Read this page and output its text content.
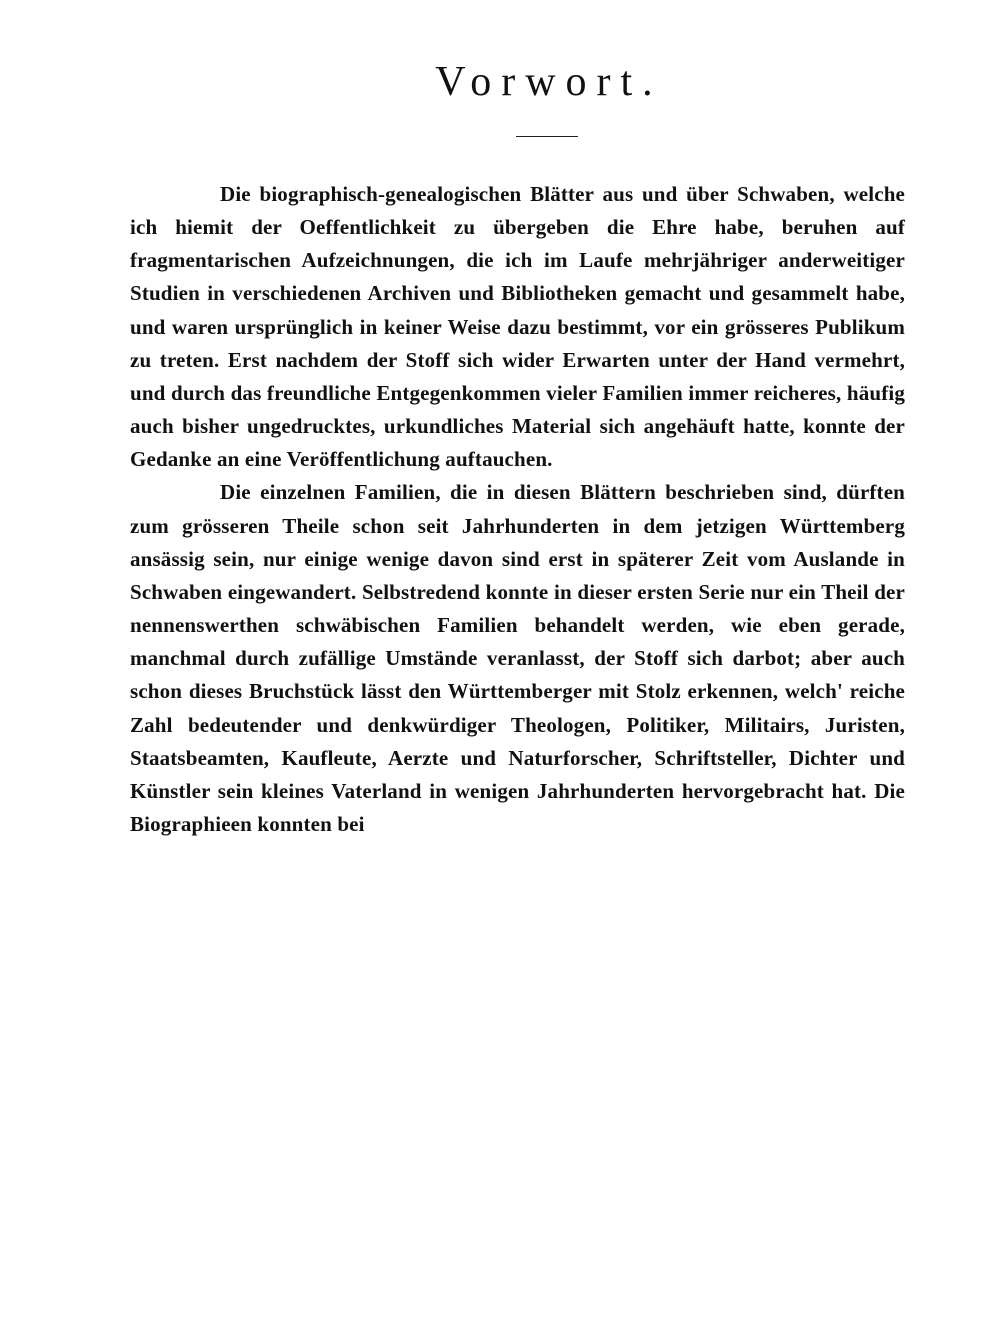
Vorwort.

Die biographisch-genealogischen Blätter aus und über Schwaben, welche ich hiemit der Oeffentlichkeit zu übergeben die Ehre habe, beruhen auf fragmentarischen Aufzeichnungen, die ich im Laufe mehrjähriger anderweitiger Studien in verschiedenen Archiven und Bibliotheken gemacht und gesammelt habe, und waren ursprünglich in keiner Weise dazu bestimmt, vor ein grösseres Publikum zu treten. Erst nachdem der Stoff sich wider Erwarten unter der Hand vermehrt, und durch das freundliche Entgegenkommen vieler Familien immer reicheres, häufig auch bisher ungedrucktes, urkundliches Material sich angehäuft hatte, konnte der Gedanke an eine Veröffentlichung auftauchen.

Die einzelnen Familien, die in diesen Blättern beschrieben sind, dürften zum grösseren Theile schon seit Jahrhunderten in dem jetzigen Württemberg ansässig sein, nur einige wenige davon sind erst in späterer Zeit vom Auslande in Schwaben eingewandert. Selbstredend konnte in dieser ersten Serie nur ein Theil der nennenswerthen schwäbischen Familien behandelt werden, wie eben gerade, manchmal durch zufällige Umstände veranlasst, der Stoff sich darbot; aber auch schon dieses Bruchstück lässt den Württemberger mit Stolz erkennen, welch' reiche Zahl bedeutender und denkwürdiger Theologen, Politiker, Militairs, Juristen, Staatsbeamten, Kaufleute, Aerzte und Naturforscher, Schriftsteller, Dichter und Künstler sein kleines Vaterland in wenigen Jahrhunderten hervorgebracht hat. Die Biographieen konnten bei
